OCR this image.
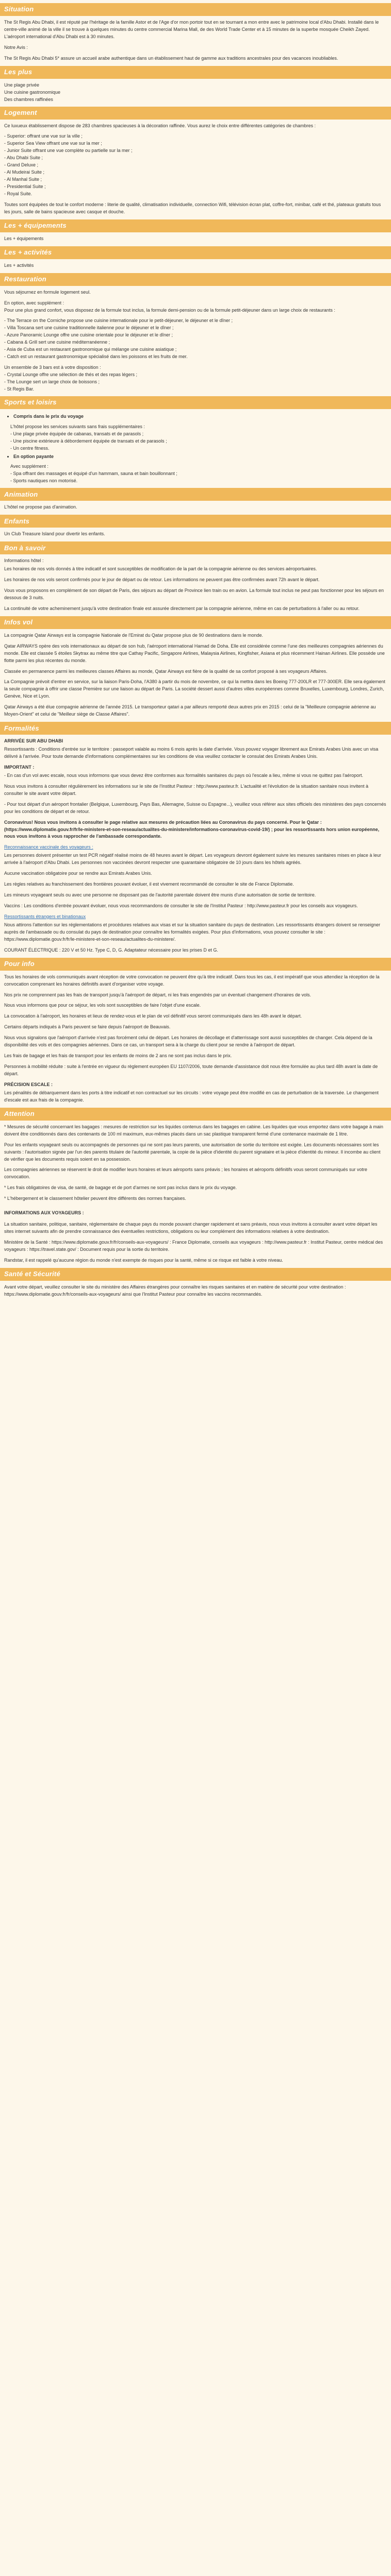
Situation

The St Regis Abu Dhabi, il est réputé par l'héritage de la famille Astor et de l'Age d'or mon portoir tout en se tournant a mon entre avec le patrimoine local d'Abu Dhabi. Installé dans le centre-ville animé de la ville il se trouve à quelques minutes du centre commercial Marina Mall, de des World Trade Center et à 15 minutes de la superbe mosquée Cheikh Zayed. L'aéroport international d'Abu Dhabi est à 30 minutes.

Notre Avis :

The St Regis Abu Dhabi 5* assure un accueil arabe authentique dans un établissement haut de gamme aux traditions ancestrales pour des vacances inoubliables.

Les plus
Une plage privée
Une cuisine gastronomique
Des chambres raffinées
Logement

Ce luxueux établissement dispose de 283 chambres spacieuses à la décoration raffinée. Vous aurez le choix entre différentes catégories de chambres :

- Superior: offrant une vue sur la ville ;
- Superior Sea View offrant une vue sur la mer ;
- Junior Suite offrant une vue complète ou partielle sur la mer ;
- Abu Dhabi Suite ;
- Grand Deluxe ;
- Al Mudeirai Suite ;
- Al Manhal Suite ;
- Presidential Suite ;
- Royal Suite.

Toutes sont équipées de tout le confort moderne : literie de qualité, climatisation individuelle, connection Wifi, télévision écran plat, coffre-fort, minibar, café et thé, plateaux gratuits tous les jours, salle de bains spacieuse avec casque et douche.

Les + équipements

Les + équipements

Les + activités

Les + activités

Restauration

Vous séjournez en formule logement seul.

En option, avec supplément :

Pour une plus grand confort, vous disposez de la formule tout inclus, la formule demi-pension ou de la formule petit-déjeuner dans un large choix de restaurants :

- The Terrace on the Corniche propose une cuisine internationale pour le petit-déjeuner, le déjeuner et le dîner ;
- Villa Toscana sert une cuisine traditionnelle italienne pour le déjeuner et le dîner ;
- Azure Panoramic Lounge offre une cuisine orientale pour le déjeuner et le dîner ;
- Cabana & Grill sert une cuisine méditerranéenne ;
- Asia de Cuba est un restaurant gastronomique qui mélange une cuisine asiatique ;
- Catch est un restaurant gastronomique spécialisé dans les poissons et les fruits de mer.

Un ensemble de 3 bars est à votre disposition :

- Crystal Lounge offre une sélection de thés et des repas légers ;
- The Lounge sert un large choix de boissons ;
- St Regis Bar.
Sports et loisirs
• Compris dans le prix du voyage
L'hôtel propose les services suivants sans frais supplémentaires :
- Une plage privée équipée de cabanas, transats et de parasols ;
- Une piscine extérieure à débordement équipée de transats et de parasols ;
- Un centre fitness.
• En option payante
Avec supplément :
- Spa offrant des massages et équipé d'un hammam, sauna et bain bouillonnant ;
- Sports nautiques non motorisé.
Animation

L'hôtel ne propose pas d'animation.

Enfants

Un Club Treasure Island pour divertir les enfants.

Bon à savoir

Informations hôtel :

Les horaires de nos vols donnés à titre indicatif et sont susceptibles de modification de la part de la compagnie aérienne ou des services aéroportuaires.

Les horaires de nos vols seront confirmés pour le jour de départ ou de retour. Les informations ne peuvent pas être confirmées avant 72h avant le départ.

Vous vous proposons en complément de son départ de Paris, des séjours au départ de Province lien train ou en avion. La formule tout inclus ne peut pas fonctionner pour les séjours en dessous de 3 nuits.

La continuité de votre acheminement jusqu'à votre destination finale est assurée directement par la compagnie aérienne, même en cas de perturbations à l'aller ou au retour.

Infos vol

La compagnie Qatar Airways est la compagnie Nationale de l'Emirat du Qatar propose plus de 90 destinations dans le monde.

Qatar AIRWAYS opère des vols internationaux au départ de son hub, l'aéroport international Hamad de Doha. Elle est considérée comme l'une des meilleures compagnies aériennes du monde. Elle est classée 5 étoiles Skytrax au même titre que Cathay Pacific, Singapore Airlines, Malaysia Airlines, Kingfisher, Asiana et plus récemment Hainan Airlines. Elle possède une flotte parmi les plus récentes du monde.

Classée en permanence parmi les meilleures classes Affaires au monde, Qatar Airways est fière de la qualité de sa confort proposé à ses voyageurs Affaires.

La Compagnie prévoit d'entrer en service, sur la liaison Paris-Doha, l'A380 à partir du mois de novembre, ce qui la mettra dans les Boeing 777-200LR et 777-300ER. Elle sera également la seule compagnie à offrir une classe Première sur une liaison au départ de Paris. La société dessert aussi d'autres villes européennes comme Bruxelles, Luxembourg, Londres, Zurich, Genève, Nice et Lyon.

Qatar Airways a été élue compagnie aérienne de l'année 2015. Le transporteur qatari a par ailleurs remporté deux autres prix en 2015 : celui de la "Meilleure compagnie aérienne au Moyen-Orient" et celui de "Meilleur siège de Classe Affaires".

Formalités

ARRIVÉE SUR ABU DHABI

Ressortissants : Conditions d'entrée sur le territoire : passeport valable au moins 6 mois après la date d'arrivée. Vous pouvez voyager librement aux Emirats Arabes Unis avec un visa délivré à l'arrivée. Pour toute demande d'informations complémentaires sur les conditions de visa veuillez contacter le consulat des Emirats Arabes Unis.

IMPORTANT :

- En cas d'un vol avec escale, nous vous informons que vous devez être conformes aux formalités sanitaires du pays où l'escale a lieu, même si vous ne quittez pas l'aéroport.

Nous vous invitons à consulter régulièrement les informations sur le site de l'Institut Pasteur : http://www.pasteur.fr. L'actualité et l'évolution de la situation sanitaire nous invitent à consulter le site avant votre départ.

- Pour tout départ d'un aéroport frontalier (Belgique, Luxembourg, Pays Bas, Allemagne, Suisse ou Espagne...), veuillez vous référer aux sites officiels des ministères des pays concernés pour les conditions de départ et de retour.

Coronavirus! Nous vous invitons à consulter le page relative aux mesures de précaution liées au Coronavirus du pays concerné. Pour le Qatar : (https://www.diplomatie.gouv.fr/fr/le-ministere-et-son-reseau/actualites-du-ministere/informations-coronavirus-covid-19/) ; pour les ressortissants hors union européenne, nous vous invitons à vous rapprocher de l'ambassade correspondante.

Reconnaissance vaccinale des voyageurs :

Les personnes doivent présenter un test PCR négatif réalisé moins de 48 heures avant le départ. Les voyageurs devront également suivre les mesures sanitaires mises en place à leur arrivée à l'aéroport d'Abu Dhabi. Les personnes non vaccinées devront respecter une quarantaine obligatoire de 10 jours dans les hôtels agréés.

Aucune vaccination obligatoire pour se rendre aux Emirats Arabes Unis.

Les règles relatives au franchissement des frontières pouvant évoluer, il est vivement recommandé de consulter le site de France Diplomatie.

Les mineurs voyageant seuls ou avec une personne ne disposant pas de l'autorité parentale doivent être munis d'une autorisation de sortie de territoire.

Vaccins : Les conditions d'entrée pouvant évoluer, nous vous recommandons de consulter le site de l'Institut Pasteur : http://www.pasteur.fr pour les conseils aux voyageurs.

Ressortissants étrangers et binationaux

Nous attirons l'attention sur les réglementations et procédures relatives aux visas et sur la situation sanitaire du pays de destination. Les ressortissants étrangers doivent se renseigner auprès de l'ambassade ou du consulat du pays de destination pour connaître les formalités exigées. Pour plus d'informations, vous pouvez consulter le site : https://www.diplomatie.gouv.fr/fr/le-ministere-et-son-reseau/actualites-du-ministere/.

COURANT ÉLECTRIQUE : 220 V et 50 Hz. Type C, D, G. Adaptateur nécessaire pour les prises D et G.

Pour info

Tous les horaires de vols communiqués avant réception de votre convocation ne peuvent être qu'à titre indicatif. Dans tous les cas, il est impératif que vous attendiez la réception de la convocation comprenant les horaires définitifs avant d'organiser votre voyage.

Nos prix ne comprennent pas les frais de transport jusqu'à l'aéroport de départ, ni les frais engendrés par un éventuel changement d'horaires de vols.

Nous vous informons que pour ce séjour, les vols sont susceptibles de faire l'objet d'une escale.

La convocation à l'aéroport, les horaires et lieux de rendez-vous et le plan de vol définitif vous seront communiqués dans les 48h avant le départ.

Certains départs indiqués à Paris peuvent se faire depuis l'aéroport de Beauvais.

Nous vous signalons que l'aéroport d'arrivée n'est pas forcément celui de départ. Les horaires de décollage et d'atterrissage sont aussi susceptibles de changer. Cela dépend de la disponibilité des vols et des compagnies aériennes. Dans ce cas, un transport sera à la charge du client pour se rendre à l'aéroport de départ.

Les frais de bagage et les frais de transport pour les enfants de moins de 2 ans ne sont pas inclus dans le prix.

Personnes à mobilité réduite : suite à l'entrée en vigueur du règlement européen EU 1107/2006, toute demande d'assistance doit nous être formulée au plus tard 48h avant la date de départ.

PRÉCISION ESCALE :

Les pénalités de débarquement dans les ports à titre indicatif et non contractuel sur les circuits : votre voyage peut être modifié en cas de perturbation de la traversée. Le changement d'escale est aux frais de la compagnie.

Attention

* Mesures de sécurité concernant les bagages : mesures de restriction sur les liquides contenus dans les bagages en cabine. Les liquides que vous emportez dans votre bagage à main doivent être conditionnés dans des contenants de 100 ml maximum, eux-mêmes placés dans un sac plastique transparent fermé d'une contenance maximale de 1 litre.

Pour les enfants voyageant seuls ou accompagnés de personnes qui ne sont pas leurs parents, une autorisation de sortie du territoire est exigée. Les documents nécessaires sont les suivants : l'autorisation signée par l'un des parents titulaire de l'autorité parentale, la copie de la pièce d'identité du parent signataire et la pièce d'identité du mineur. Il incombe au client de vérifier que les documents requis soient en sa possession.

Les compagnies aériennes se réservent le droit de modifier leurs horaires et leurs aéroports sans préavis ; les horaires et aéroports définitifs vous seront communiqués sur votre convocation.

* Les frais obligatoires de visa, de santé, de bagage et de port d'armes ne sont pas inclus dans le prix du voyage.

* L'hébergement et le classement hôtelier peuvent être différents des normes françaises.

INFORMATIONS AUX VOYAGEURS :

La situation sanitaire, politique, sanitaire, réglementaire de chaque pays du monde pouvant changer rapidement et sans préavis, nous vous invitons à consulter avant votre départ les sites internet suivants afin de prendre connaissance des éventuelles restrictions, obligations ou leur complément des informations relatives à votre destination.

Ministère de la Santé : https://www.diplomatie.gouv.fr/fr/conseils-aux-voyageurs/ : France Diplomatie, conseils aux voyageurs : http://www.pasteur.fr : Institut Pasteur, centre médical des voyageurs : https://travel.state.gov/ : Document requis pour la sortie du territoire.

Randstar, il est rappelé qu'aucune région du monde n'est exempte de risques pour la santé, même si ce risque est faible à votre niveau.

Santé et Sécurité

Avant votre départ, veuillez consulter le site du ministère des Affaires étrangères pour connaître les risques sanitaires et en matière de sécurité pour votre destination : https://www.diplomatie.gouv.fr/fr/conseils-aux-voyageurs/ ainsi que l'Institut Pasteur pour connaître les vaccins recommandés.
